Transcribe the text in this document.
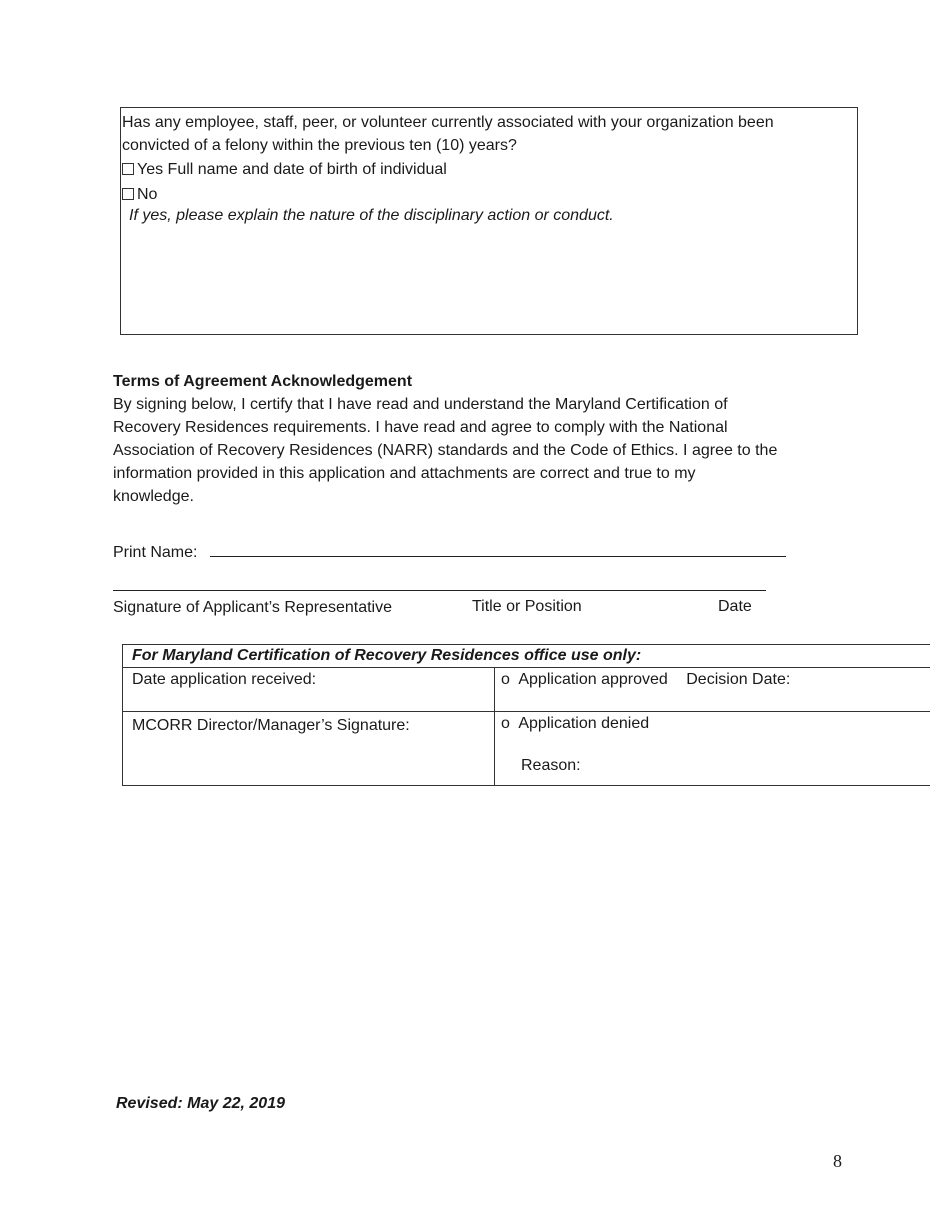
Has any employee, staff, peer, or volunteer currently associated with your organization been
convicted of a felony within the previous ten (10) years?
Yes Full name and date of birth of individual
No
If yes, please explain the nature of the disciplinary action or conduct.
Terms of Agreement Acknowledgement
By signing below, I certify that I have read and understand the Maryland Certification of
Recovery Residences requirements. I have read and agree to comply with the National
Association of Recovery Residences (NARR) standards and the Code of Ethics. I agree to the
information provided in this application and attachments are correct and true to my
knowledge.
Print Name:
Signature of Applicant’s Representative	Title or Position	Date
For Maryland Certification of Recovery Residences office use only:	
Date application received:	o Application approved Decision Date:
MCORR Director/Manager’s Signature:	o Application denied
Reason:
Revised: May 22, 2019
8
